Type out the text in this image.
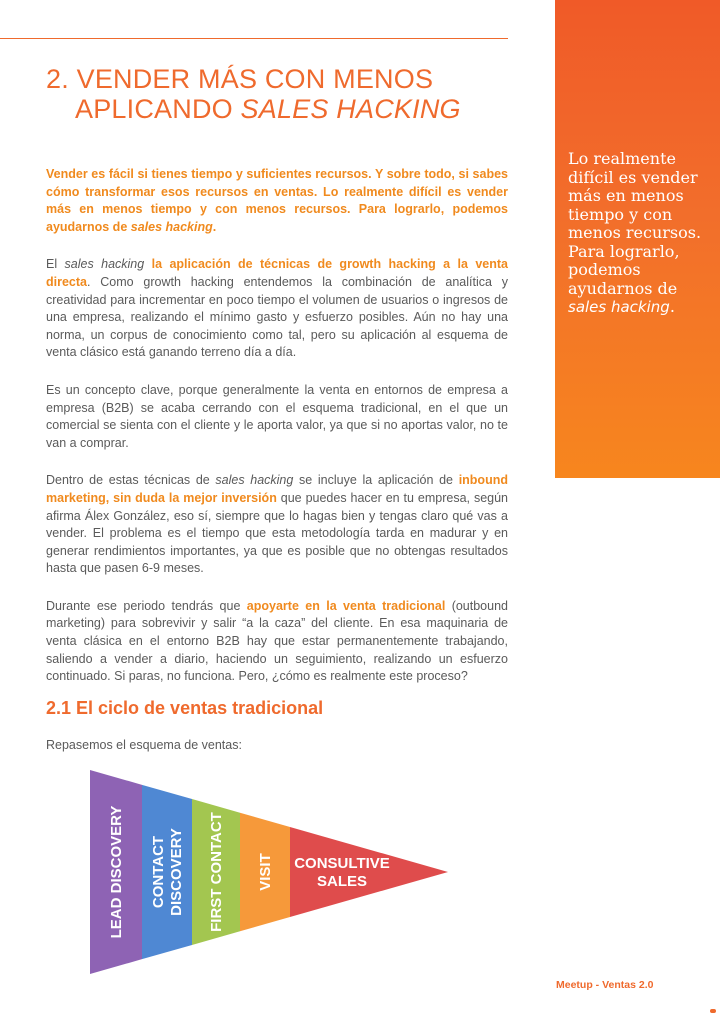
Lo realmente difícil es vender más en menos tiempo y con menos recursos. Para lograrlo, podemos ayudarnos de sales hacking.
2. VENDER MÁS CON MENOS
APLICANDO SALES HACKING

Vender es fácil si tienes tiempo y suficientes recursos. Y sobre todo, si sabes cómo transformar esos recursos en ventas. Lo realmente difícil es vender más en menos tiempo y con menos recursos. Para lograrlo, podemos ayudarnos de sales hacking.

El sales hacking la aplicación de técnicas de growth hacking a la venta directa. Como growth hacking entendemos la combinación de analítica y creatividad para incrementar en poco tiempo el volumen de usuarios o ingresos de una empresa, realizando el mínimo gasto y esfuerzo posibles. Aún no hay una norma, un corpus de conocimiento como tal, pero su aplicación al esquema de venta clásico está ganando terreno día a día.

Es un concepto clave, porque generalmente la venta en entornos de empresa a empresa (B2B) se acaba cerrando con el esquema tradicional, en el que un comercial se sienta con el cliente y le aporta valor, ya que si no aportas valor, no te van a comprar.

Dentro de estas técnicas de sales hacking se incluye la aplicación de inbound marketing, sin duda la mejor inversión que puedes hacer en tu empresa, según afirma Álex González, eso sí, siempre que lo hagas bien y tengas claro qué vas a vender. El problema es el tiempo que esta metodología tarda en madurar y en generar rendimientos importantes, ya que es posible que no obtengas resultados hasta que pasen 6-9 meses.

Durante ese periodo tendrás que apoyarte en la venta tradicional (outbound marketing) para sobrevivir y salir “a la caza” del cliente. En esa maquinaria de venta clásica en el entorno B2B hay que estar permanentemente trabajando, saliendo a vender a diario, haciendo un seguimiento, realizando un esfuerzo continuado. Si paras, no funciona. Pero, ¿cómo es realmente este proceso?

2.1 El ciclo de ventas tradicional

Repasemos el esquema de ventas:

LEAD DISCOVERY CONTACTDISCOVERY FIRST CONTACT VISIT CONSULTIVE SALES
Meetup - Ventas 2.0
